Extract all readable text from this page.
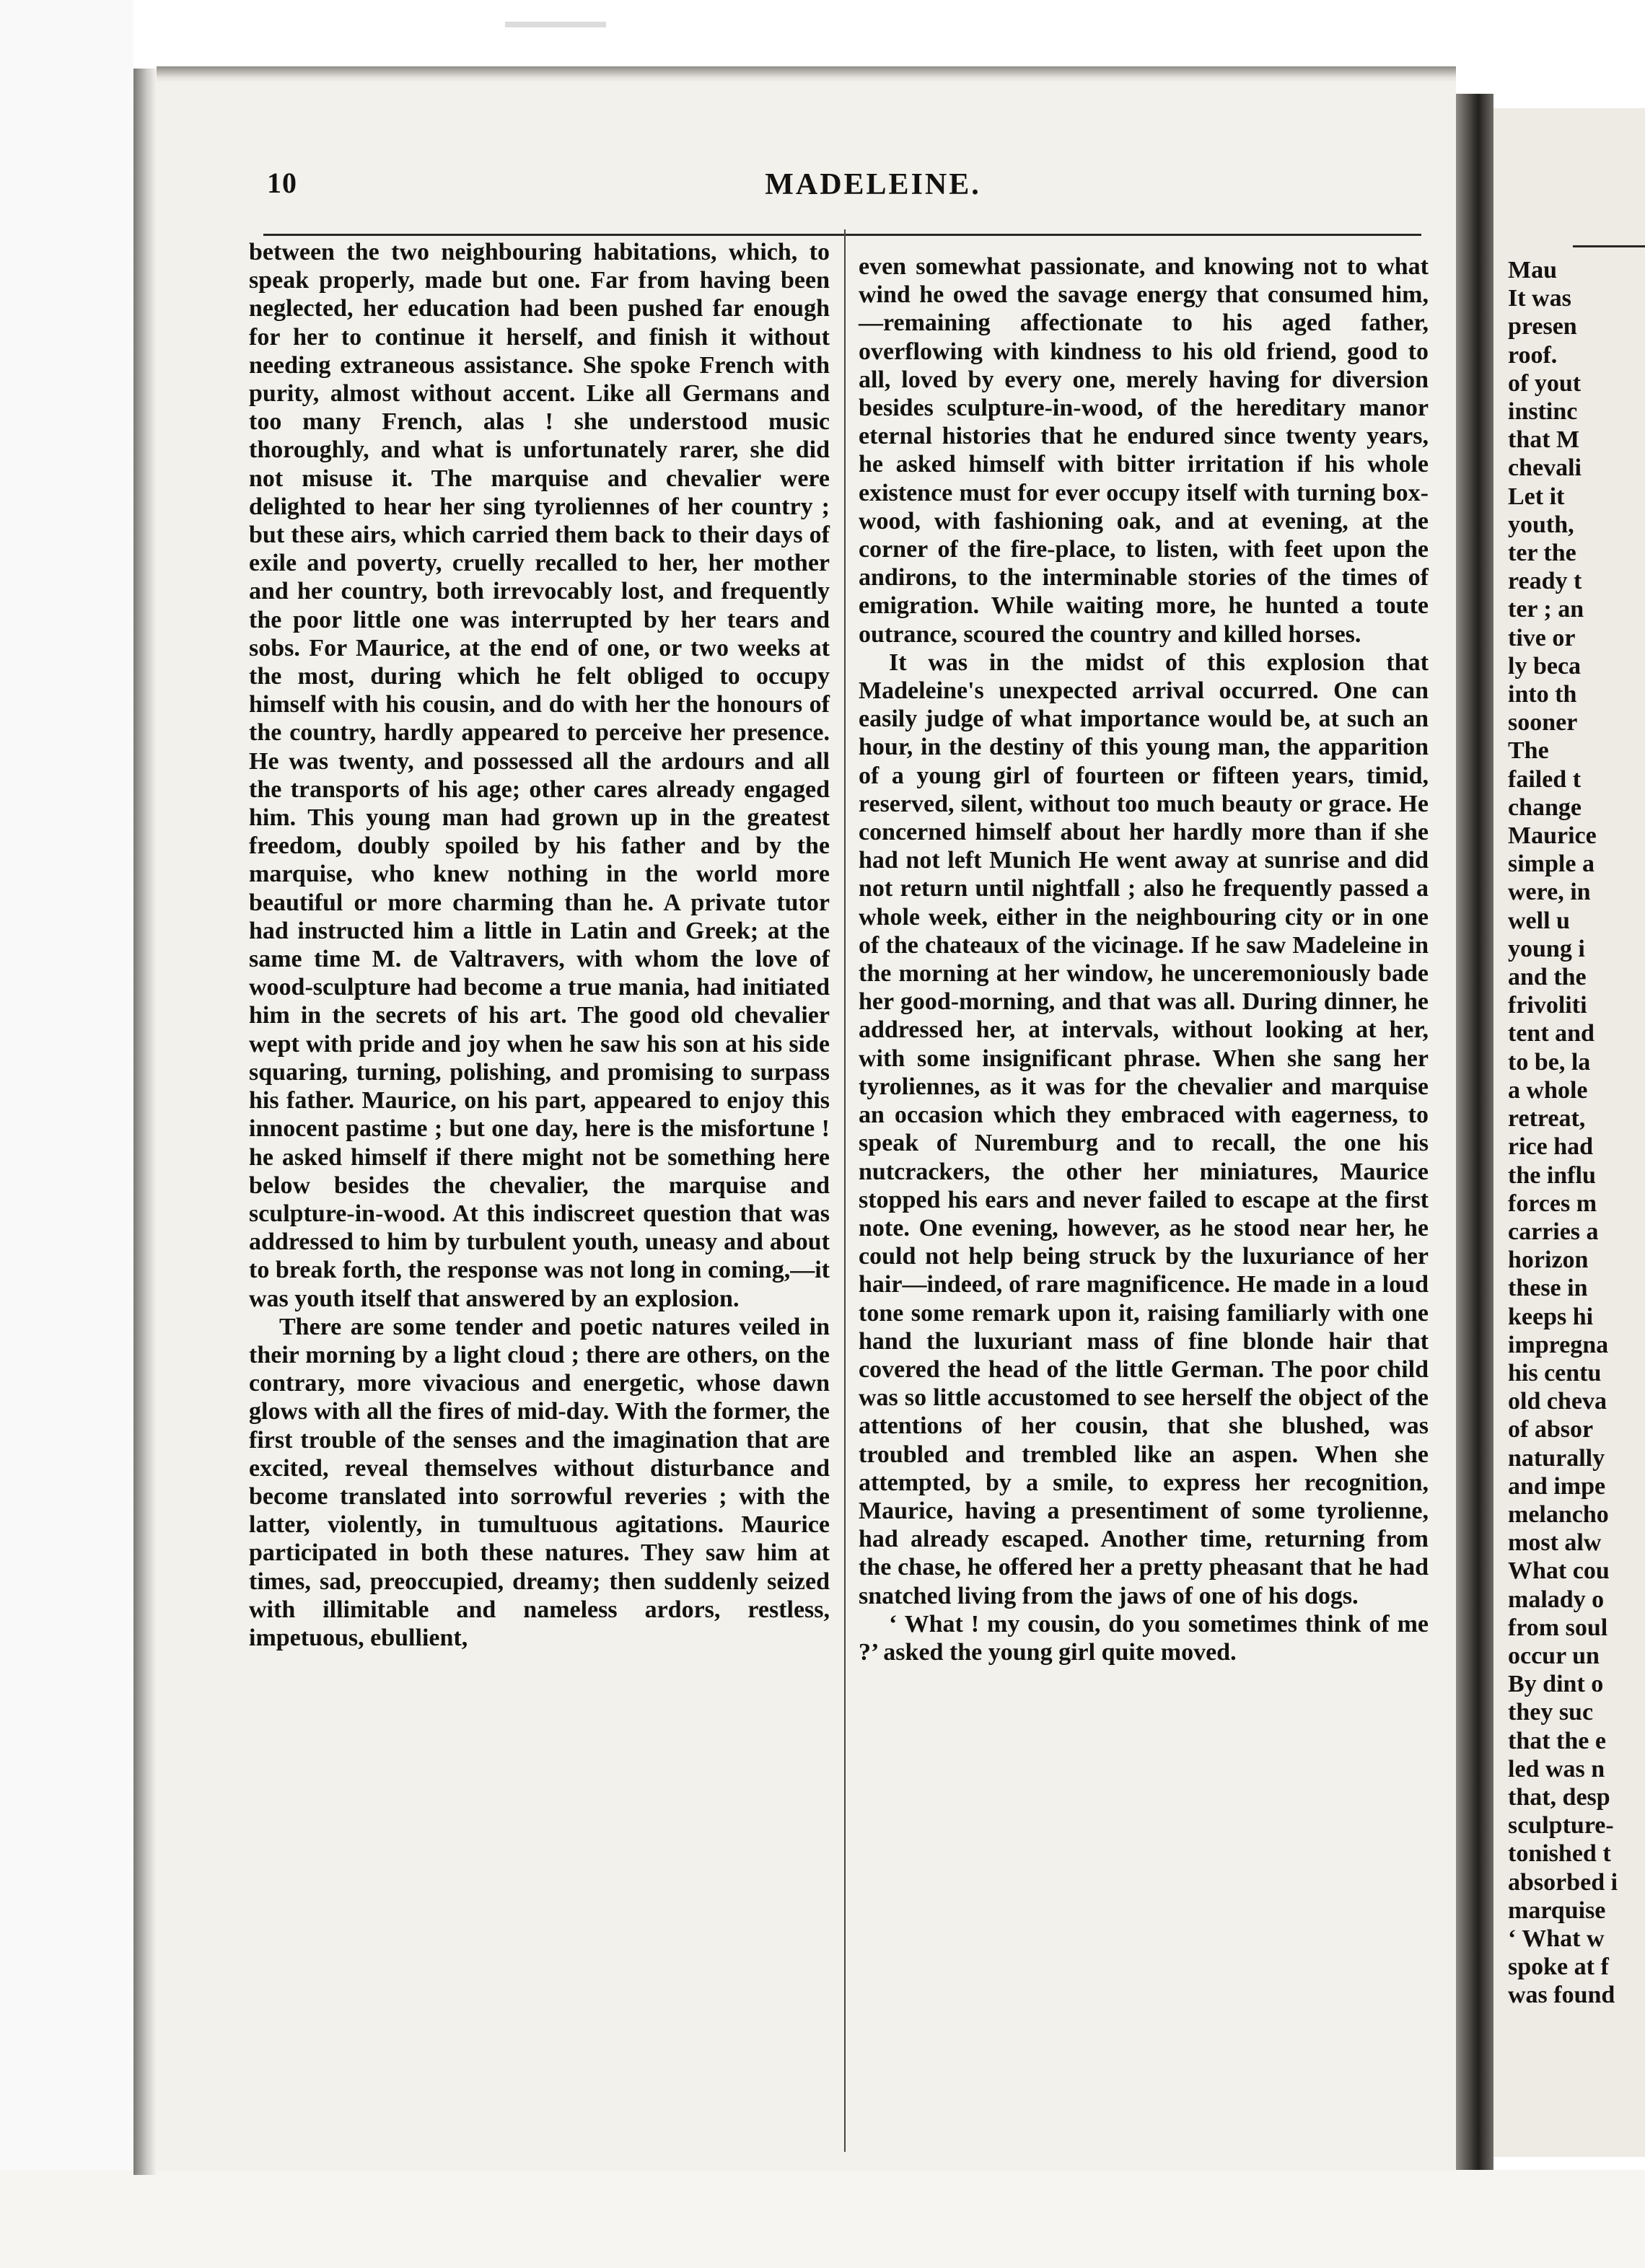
10	MADELEINE.

between the two neighbouring habitations, which, to speak properly, made but one. Far from having been neglected, her education had been pushed far enough for her to continue it herself, and finish it without needing extraneous assistance. She spoke French with purity, almost without accent. Like all Germans and too many French, alas ! she understood music thoroughly, and what is unfortunately rarer, she did not misuse it. The marquise and chevalier were delighted to hear her sing tyroliennes of her country ; but these airs, which carried them back to their days of exile and poverty, cruelly recalled to her, her mother and her country, both irrevocably lost, and frequently the poor little one was interrupted by her tears and sobs. For Maurice, at the end of one, or two weeks at the most, during which he felt obliged to occupy himself with his cousin, and do with her the honours of the country, hardly appeared to perceive her presence. He was twenty, and possessed all the ardours and all the transports of his age; other cares already engaged him. This young man had grown up in the greatest freedom, doubly spoiled by his father and by the marquise, who knew nothing in the world more beautiful or more charming than he. A private tutor had instructed him a little in Latin and Greek; at the same time M. de Valtravers, with whom the love of wood-sculpture had become a true mania, had initiated him in the secrets of his art. The good old chevalier wept with pride and joy when he saw his son at his side squaring, turning, polishing, and promising to surpass his father. Maurice, on his part, appeared to enjoy this innocent pastime ; but one day, here is the misfortune ! he asked himself if there might not be something here below besides the chevalier, the marquise and sculpture-in-wood. At this indiscreet question that was addressed to him by turbulent youth, uneasy and about to break forth, the response was not long in coming,—it was youth itself that answered by an explosion.

There are some tender and poetic natures veiled in their morning by a light cloud ; there are others, on the contrary, more vivacious and energetic, whose dawn glows with all the fires of mid-day. With the former, the first trouble of the senses and the imagination that are excited, reveal themselves without disturbance and become translated into sorrowful reveries ; with the latter, violently, in tumultuous agitations. Maurice participated in both these natures. They saw him at times, sad, preoccupied, dreamy; then suddenly seized with illimitable and nameless ardors, restless, impetuous, ebullient,

even somewhat passionate, and knowing not to what wind he owed the savage energy that consumed him,—remaining affectionate to his aged father, overflowing with kindness to his old friend, good to all, loved by every one, merely having for diversion besides sculpture-in-wood, of the hereditary manor eternal histories that he endured since twenty years, he asked himself with bitter irritation if his whole existence must for ever occupy itself with turning box-wood, with fashioning oak, and at evening, at the corner of the fire-place, to listen, with feet upon the andirons, to the interminable stories of the times of emigration. While waiting more, he hunted a toute outrance, scoured the country and killed horses.

It was in the midst of this explosion that Madeleine's unexpected arrival occurred. One can easily judge of what importance would be, at such an hour, in the destiny of this young man, the apparition of a young girl of fourteen or fifteen years, timid, reserved, silent, without too much beauty or grace. He concerned himself about her hardly more than if she had not left Munich He went away at sunrise and did not return until nightfall ; also he frequently passed a whole week, either in the neighbouring city or in one of the chateaux of the vicinage. If he saw Madeleine in the morning at her window, he unceremoniously bade her good-morning, and that was all. During dinner, he addressed her, at intervals, without looking at her, with some insignificant phrase. When she sang her tyroliennes, as it was for the chevalier and marquise an occasion which they embraced with eagerness, to speak of Nuremburg and to recall, the one his nutcrackers, the other her miniatures, Maurice stopped his ears and never failed to escape at the first note. One evening, however, as he stood near her, he could not help being struck by the luxuriance of her hair—indeed, of rare magnificence. He made in a loud tone some remark upon it, raising familiarly with one hand the luxuriant mass of fine blonde hair that covered the head of the little German. The poor child was so little accustomed to see herself the object of the attentions of her cousin, that she blushed, was troubled and trembled like an aspen. When she attempted, by a smile, to express her recognition, Maurice, having a presentiment of some tyrolienne, had already escaped. Another time, returning from the chase, he offered her a pretty pheasant that he had snatched living from the jaws of one of his dogs.

‘ What ! my cousin, do you sometimes think of me ?’ asked the young girl quite moved.

Mau
It was
presen
roof.
of yout
instinc
that M
chevali
Let it
youth,
ter the
ready t
ter ; an
tive or
ly beca
into th
sooner
The
failed t
change
Maurice
simple a
were, in
well u
young i
and the
frivoliti
tent and
to be, la
a whole
retreat,
rice had
the influ
forces m
carries a
horizon
these in
keeps hi
impregna
his centu
old cheva
of absor
naturally
and impe
melancho
most alw
What cou
malady o
from soul
occur un
By dint o
they suc
that the e
led was n
that, desp
sculpture-
tonished t
absorbed i
marquise
‘ What w
spoke at f
was found
